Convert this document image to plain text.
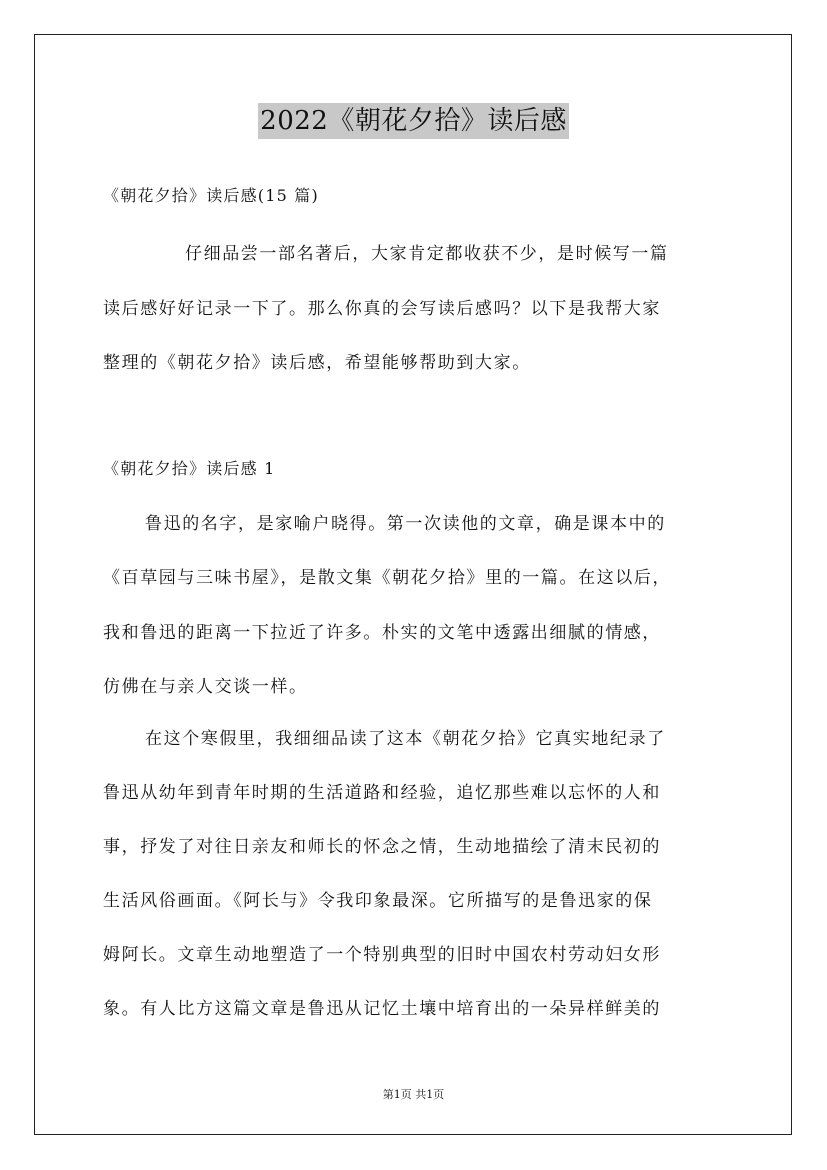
2022《朝花夕拾》读后感
《朝花夕拾》读后感(15 篇)
仔细品尝一部名著后，大家肯定都收获不少，是时候写一篇
读后感好好记录一下了。那么你真的会写读后感吗？以下是我帮大家
整理的《朝花夕拾》读后感，希望能够帮助到大家。
《朝花夕拾》读后感 1
鲁迅的名字，是家喻户晓得。第一次读他的文章，确是课本中的
《百草园与三味书屋》，是散文集《朝花夕拾》里的一篇。在这以后，
我和鲁迅的距离一下拉近了许多。朴实的文笔中透露出细腻的情感，
仿佛在与亲人交谈一样。
在这个寒假里，我细细品读了这本《朝花夕拾》它真实地纪录了
鲁迅从幼年到青年时期的生活道路和经验，追忆那些难以忘怀的人和
事，抒发了对往日亲友和师长的怀念之情，生动地描绘了清末民初的
生活风俗画面。《阿长与》令我印象最深。它所描写的是鲁迅家的保
姆阿长。文章生动地塑造了一个特别典型的旧时中国农村劳动妇女形
象。有人比方这篇文章是鲁迅从记忆土壤中培育出的一朵异样鲜美的
第1页 共1页
